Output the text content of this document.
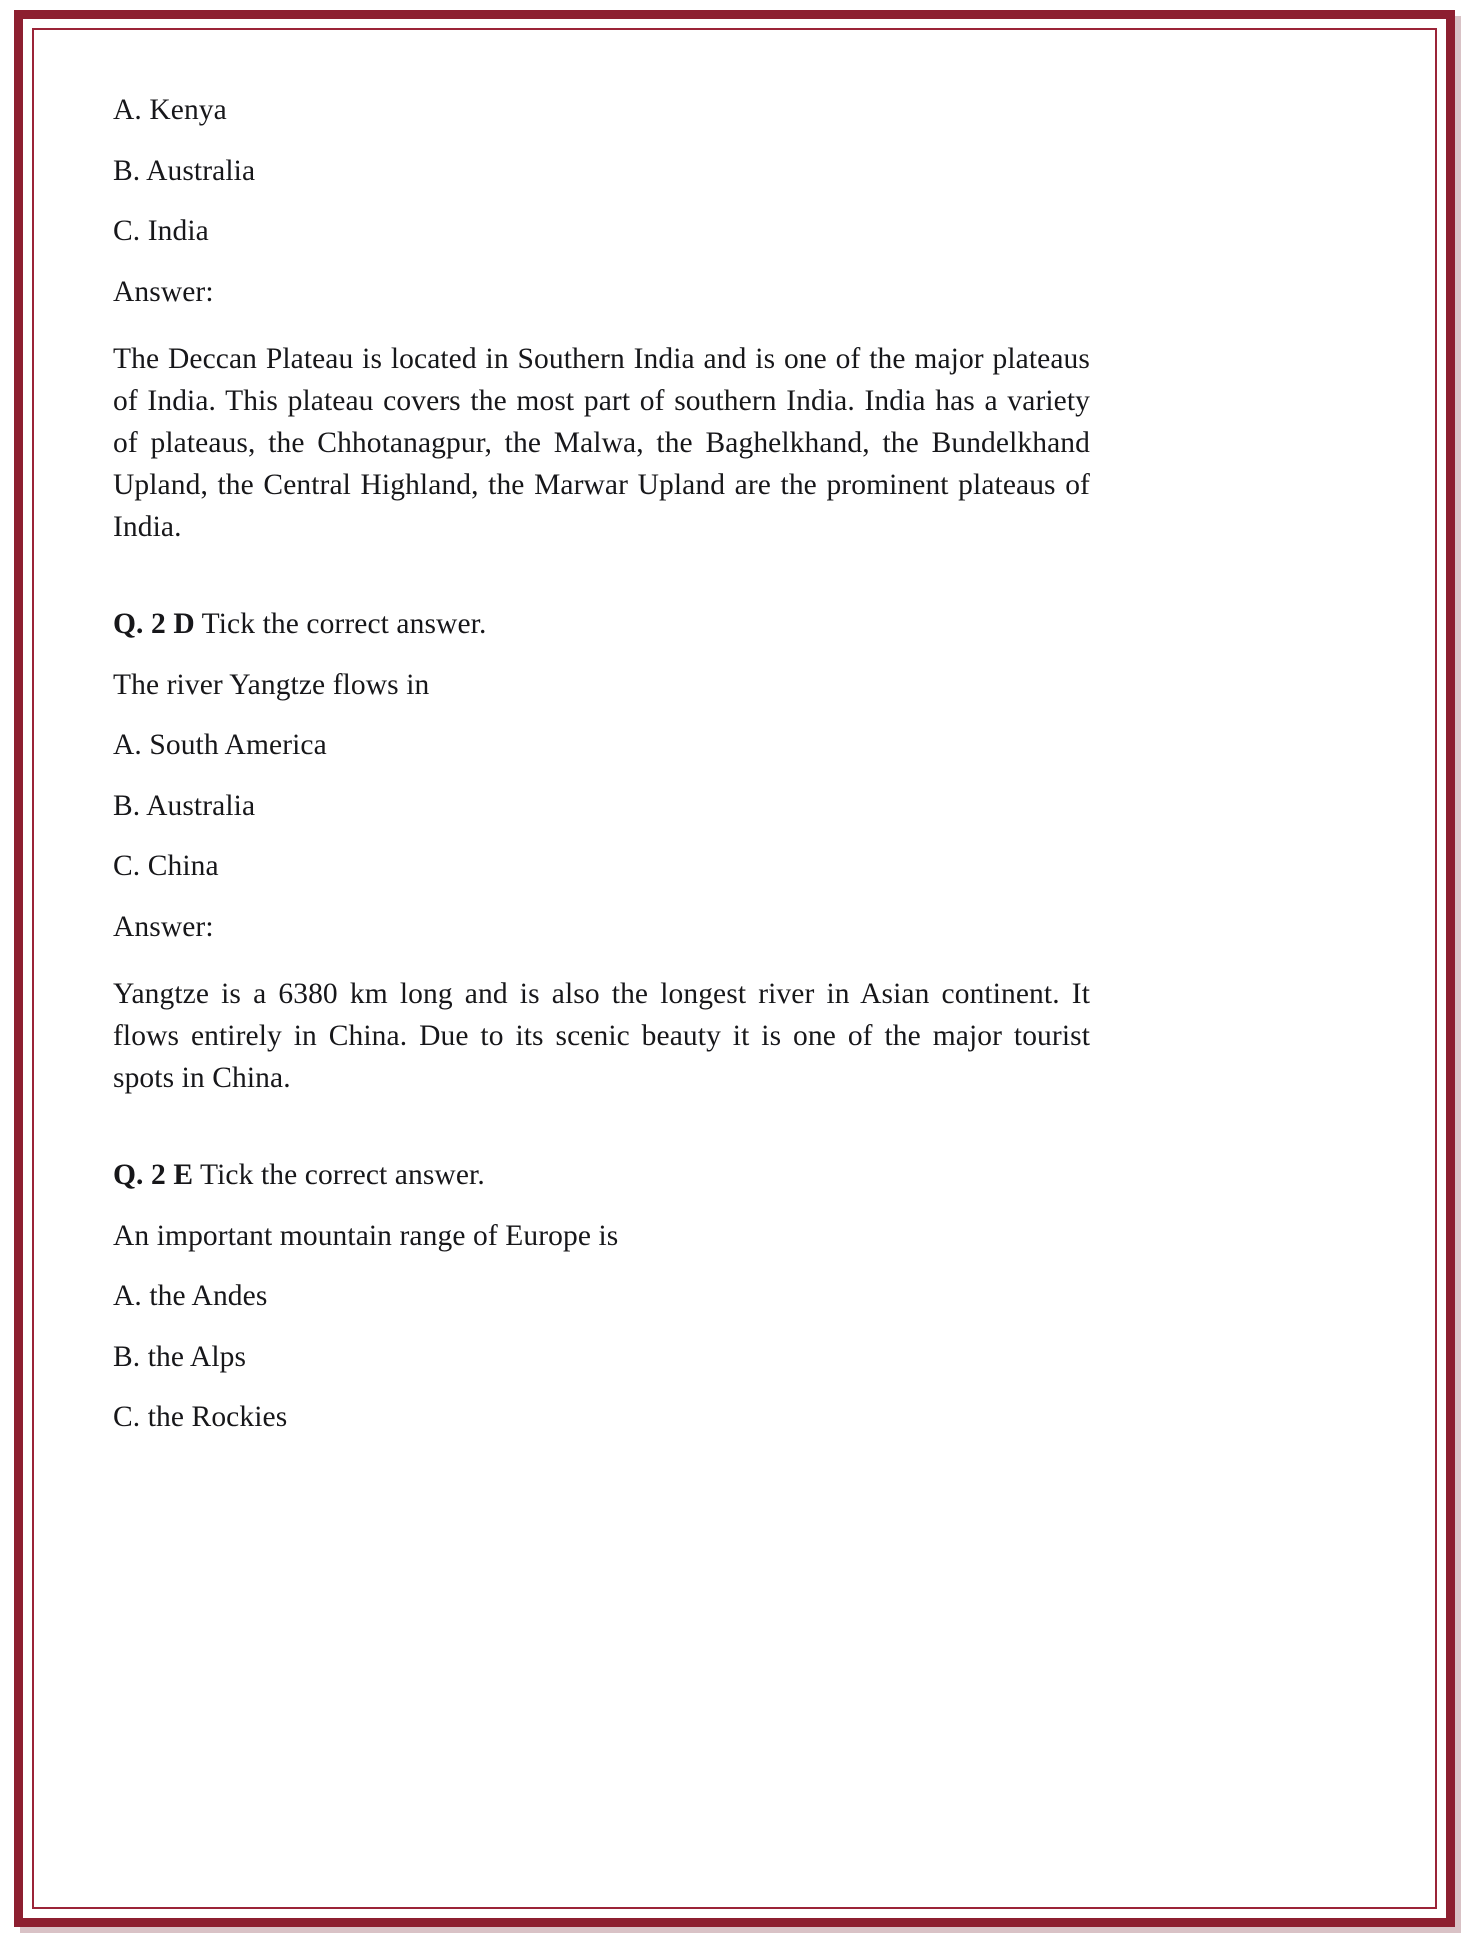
A. Kenya
B. Australia
C. India
Answer:

The Deccan Plateau is located in Southern India and is one of the major plateaus of India. This plateau covers the most part of southern India. India has a variety of plateaus, the Chhotanagpur, the Malwa, the Baghelkhand, the Bundelkhand Upland, the Central Highland, the Marwar Upland are the prominent plateaus of India.

Q. 2 D Tick the correct answer.
The river Yangtze flows in
A. South America
B. Australia
C. China
Answer:

Yangtze is a 6380 km long and is also the longest river in Asian continent. It flows entirely in China. Due to its scenic beauty it is one of the major tourist spots in China.

Q. 2 E Tick the correct answer.
An important mountain range of Europe is
A. the Andes
B. the Alps
C. the Rockies
